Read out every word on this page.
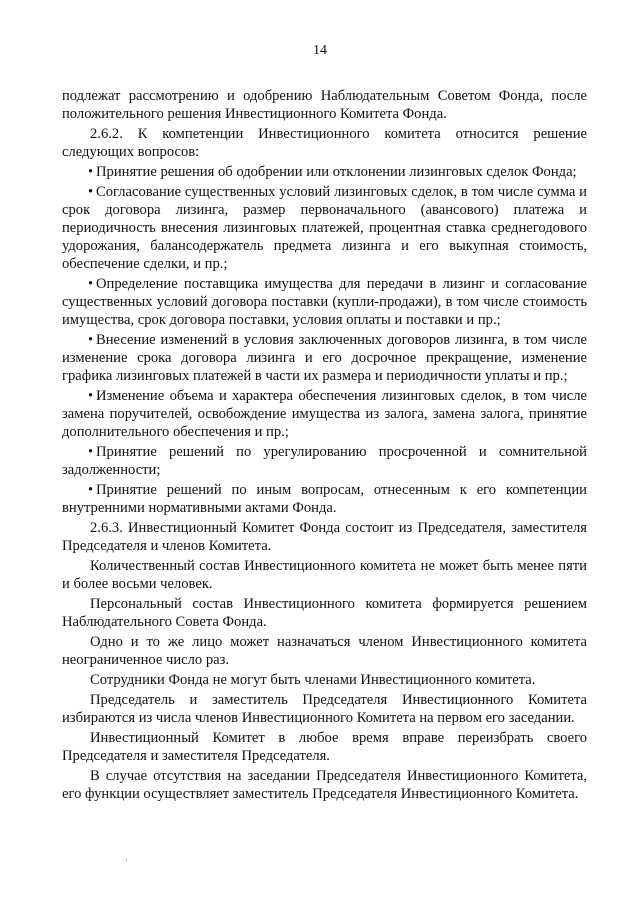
14

подлежат рассмотрению и одобрению Наблюдательным Советом Фонда, после положительного решения Инвестиционного Комитета Фонда.

2.6.2. К компетенции Инвестиционного комитета относится решение следующих вопросов:

• Принятие решения об одобрении или отклонении лизинговых сделок Фонда;

• Согласование существенных условий лизинговых сделок, в том числе сумма и срок договора лизинга, размер первоначального (авансового) платежа и периодичность внесения лизинговых платежей, процентная ставка среднегодового удорожания, балансодержатель предмета лизинга и его выкупная стоимость, обеспечение сделки, и пр.;

• Определение поставщика имущества для передачи в лизинг и согласование существенных условий договора поставки (купли-продажи), в том числе стоимость имущества, срок договора поставки, условия оплаты и поставки и пр.;

• Внесение изменений в условия заключенных договоров лизинга, в том числе изменение срока договора лизинга и его досрочное прекращение, изменение графика лизинговых платежей в части их размера и периодичности уплаты и пр.;

• Изменение объема и характера обеспечения лизинговых сделок, в том числе замена поручителей, освобождение имущества из залога, замена залога, принятие дополнительного обеспечения и пр.;

• Принятие решений по урегулированию просроченной и сомнительной задолженности;

• Принятие решений по иным вопросам, отнесенным к его компетенции внутренними нормативными актами Фонда.

2.6.3. Инвестиционный Комитет Фонда состоит из Председателя, заместителя Председателя и членов Комитета.

Количественный состав Инвестиционного комитета не может быть менее пяти и более восьми человек.

Персональный состав Инвестиционного комитета формируется решением Наблюдательного Совета Фонда.

Одно и то же лицо может назначаться членом Инвестиционного комитета неограниченное число раз.

Сотрудники Фонда не могут быть членами Инвестиционного комитета.

Председатель и заместитель Председателя Инвестиционного Комитета избираются из числа членов Инвестиционного Комитета на первом его заседании.

Инвестиционный Комитет в любое время вправе переизбрать своего Председателя и заместителя Председателя.

В случае отсутствия на заседании Председателя Инвестиционного Комитета, его функции осуществляет заместитель Председателя Инвестиционного Комитета.
